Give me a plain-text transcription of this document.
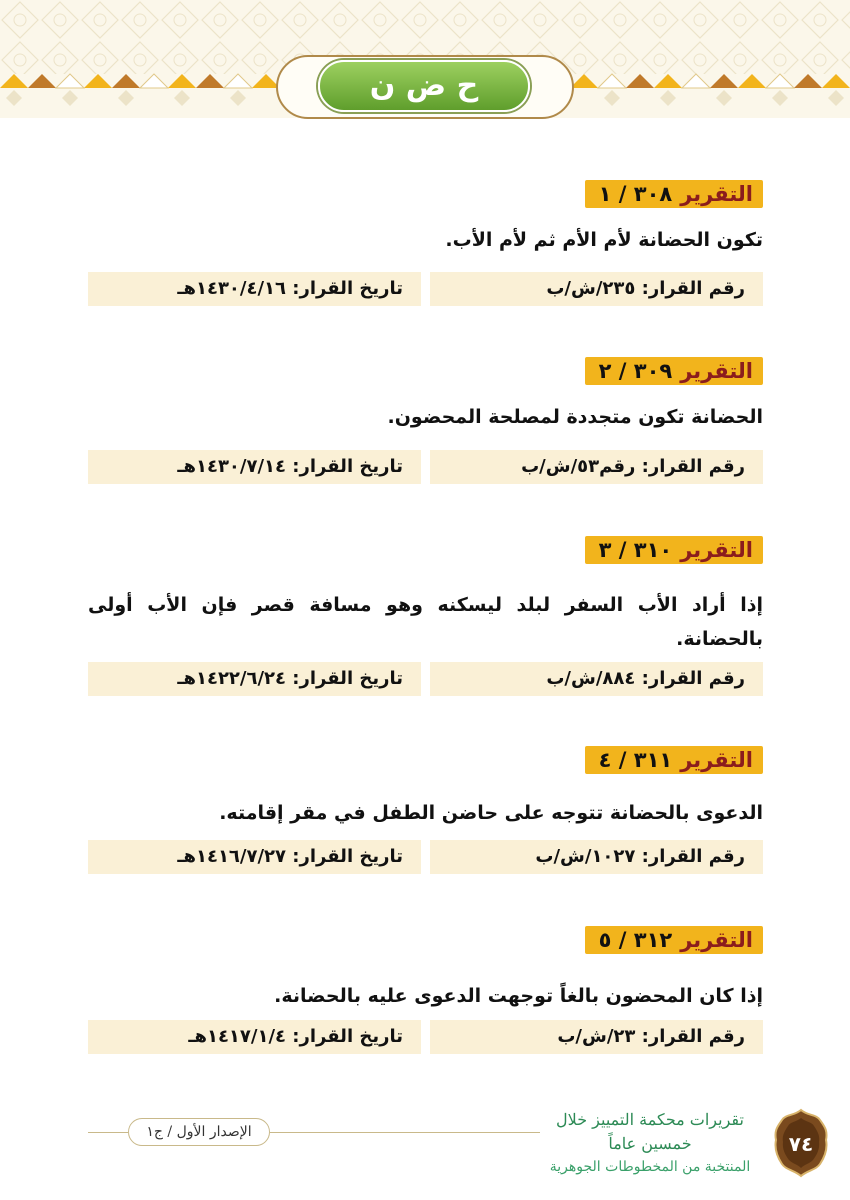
ح ض ن
التقرير٣٠٨ / ١
تكون الحضانة لأم الأم ثم لأم الأب.
رقم القرار: ٢٣٥/ش/ب
تاريخ القرار: ١٤٣٠/٤/١٦هـ
التقرير٣٠٩ / ٢
الحضانة تكون متجددة لمصلحة المحضون.
رقم القرار: رقم٥٣/ش/ب
تاريخ القرار: ١٤٣٠/٧/١٤هـ
التقرير٣١٠ / ٣
إذا أراد الأب السفر لبلد ليسكنه وهو مسافة قصر فإن الأب أولى بالحضانة.
رقم القرار: ٨٨٤/ش/ب
تاريخ القرار: ١٤٢٢/٦/٢٤هـ
التقرير٣١١ / ٤
الدعوى بالحضانة تتوجه على حاضن الطفل في مقر إقامته.
رقم القرار: ١٠٢٧/ش/ب
تاريخ القرار: ١٤١٦/٧/٢٧هـ
التقرير٣١٢ / ٥
إذا كان المحضون بالغاً توجهت الدعوى عليه بالحضانة.
رقم القرار: ٢٣/ش/ب
تاريخ القرار: ١٤١٧/١/٤هـ
الإصدار الأول / ج١
تقريرات محكمة التمييز خلال خمسين عاماً
المنتخبة من المخطوطات الجوهرية
٧٤
